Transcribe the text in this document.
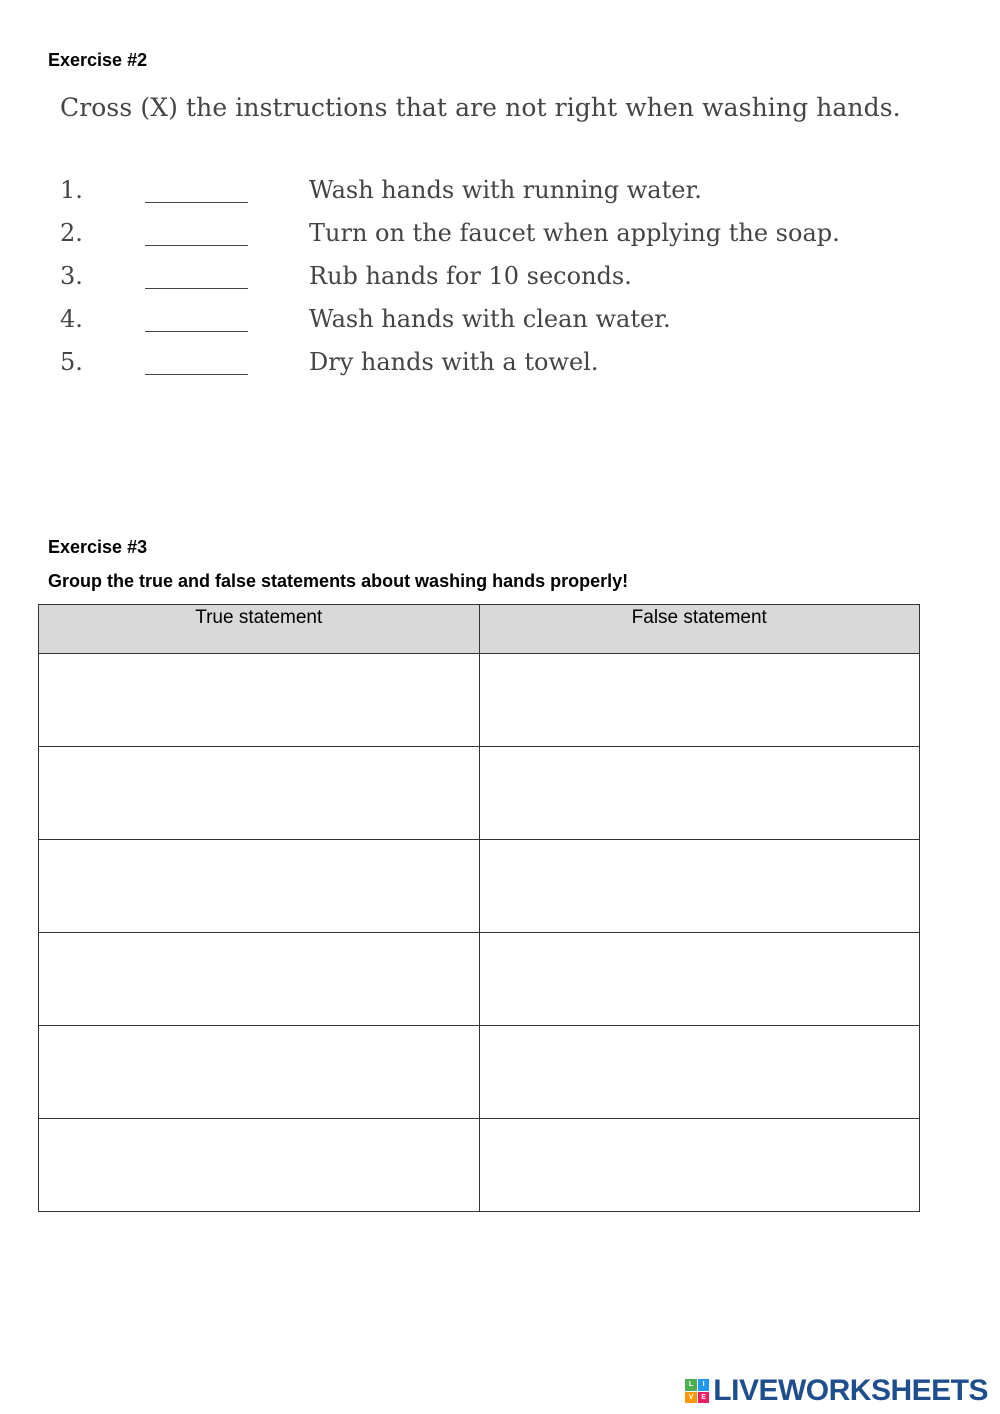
Exercise #2

Cross (X) the instructions that are not right when washing hands.

1.	Wash hands with running water.
2.	Turn on the faucet when applying the soap.
3.	Rub hands for 10 seconds.
4.	Wash hands with clean water.
5.	Dry hands with a towel.
Exercise #3

Group the true and false statements about washing hands properly!

True statement	False statement

L	I
V	E LIVEWORKSHEETS
